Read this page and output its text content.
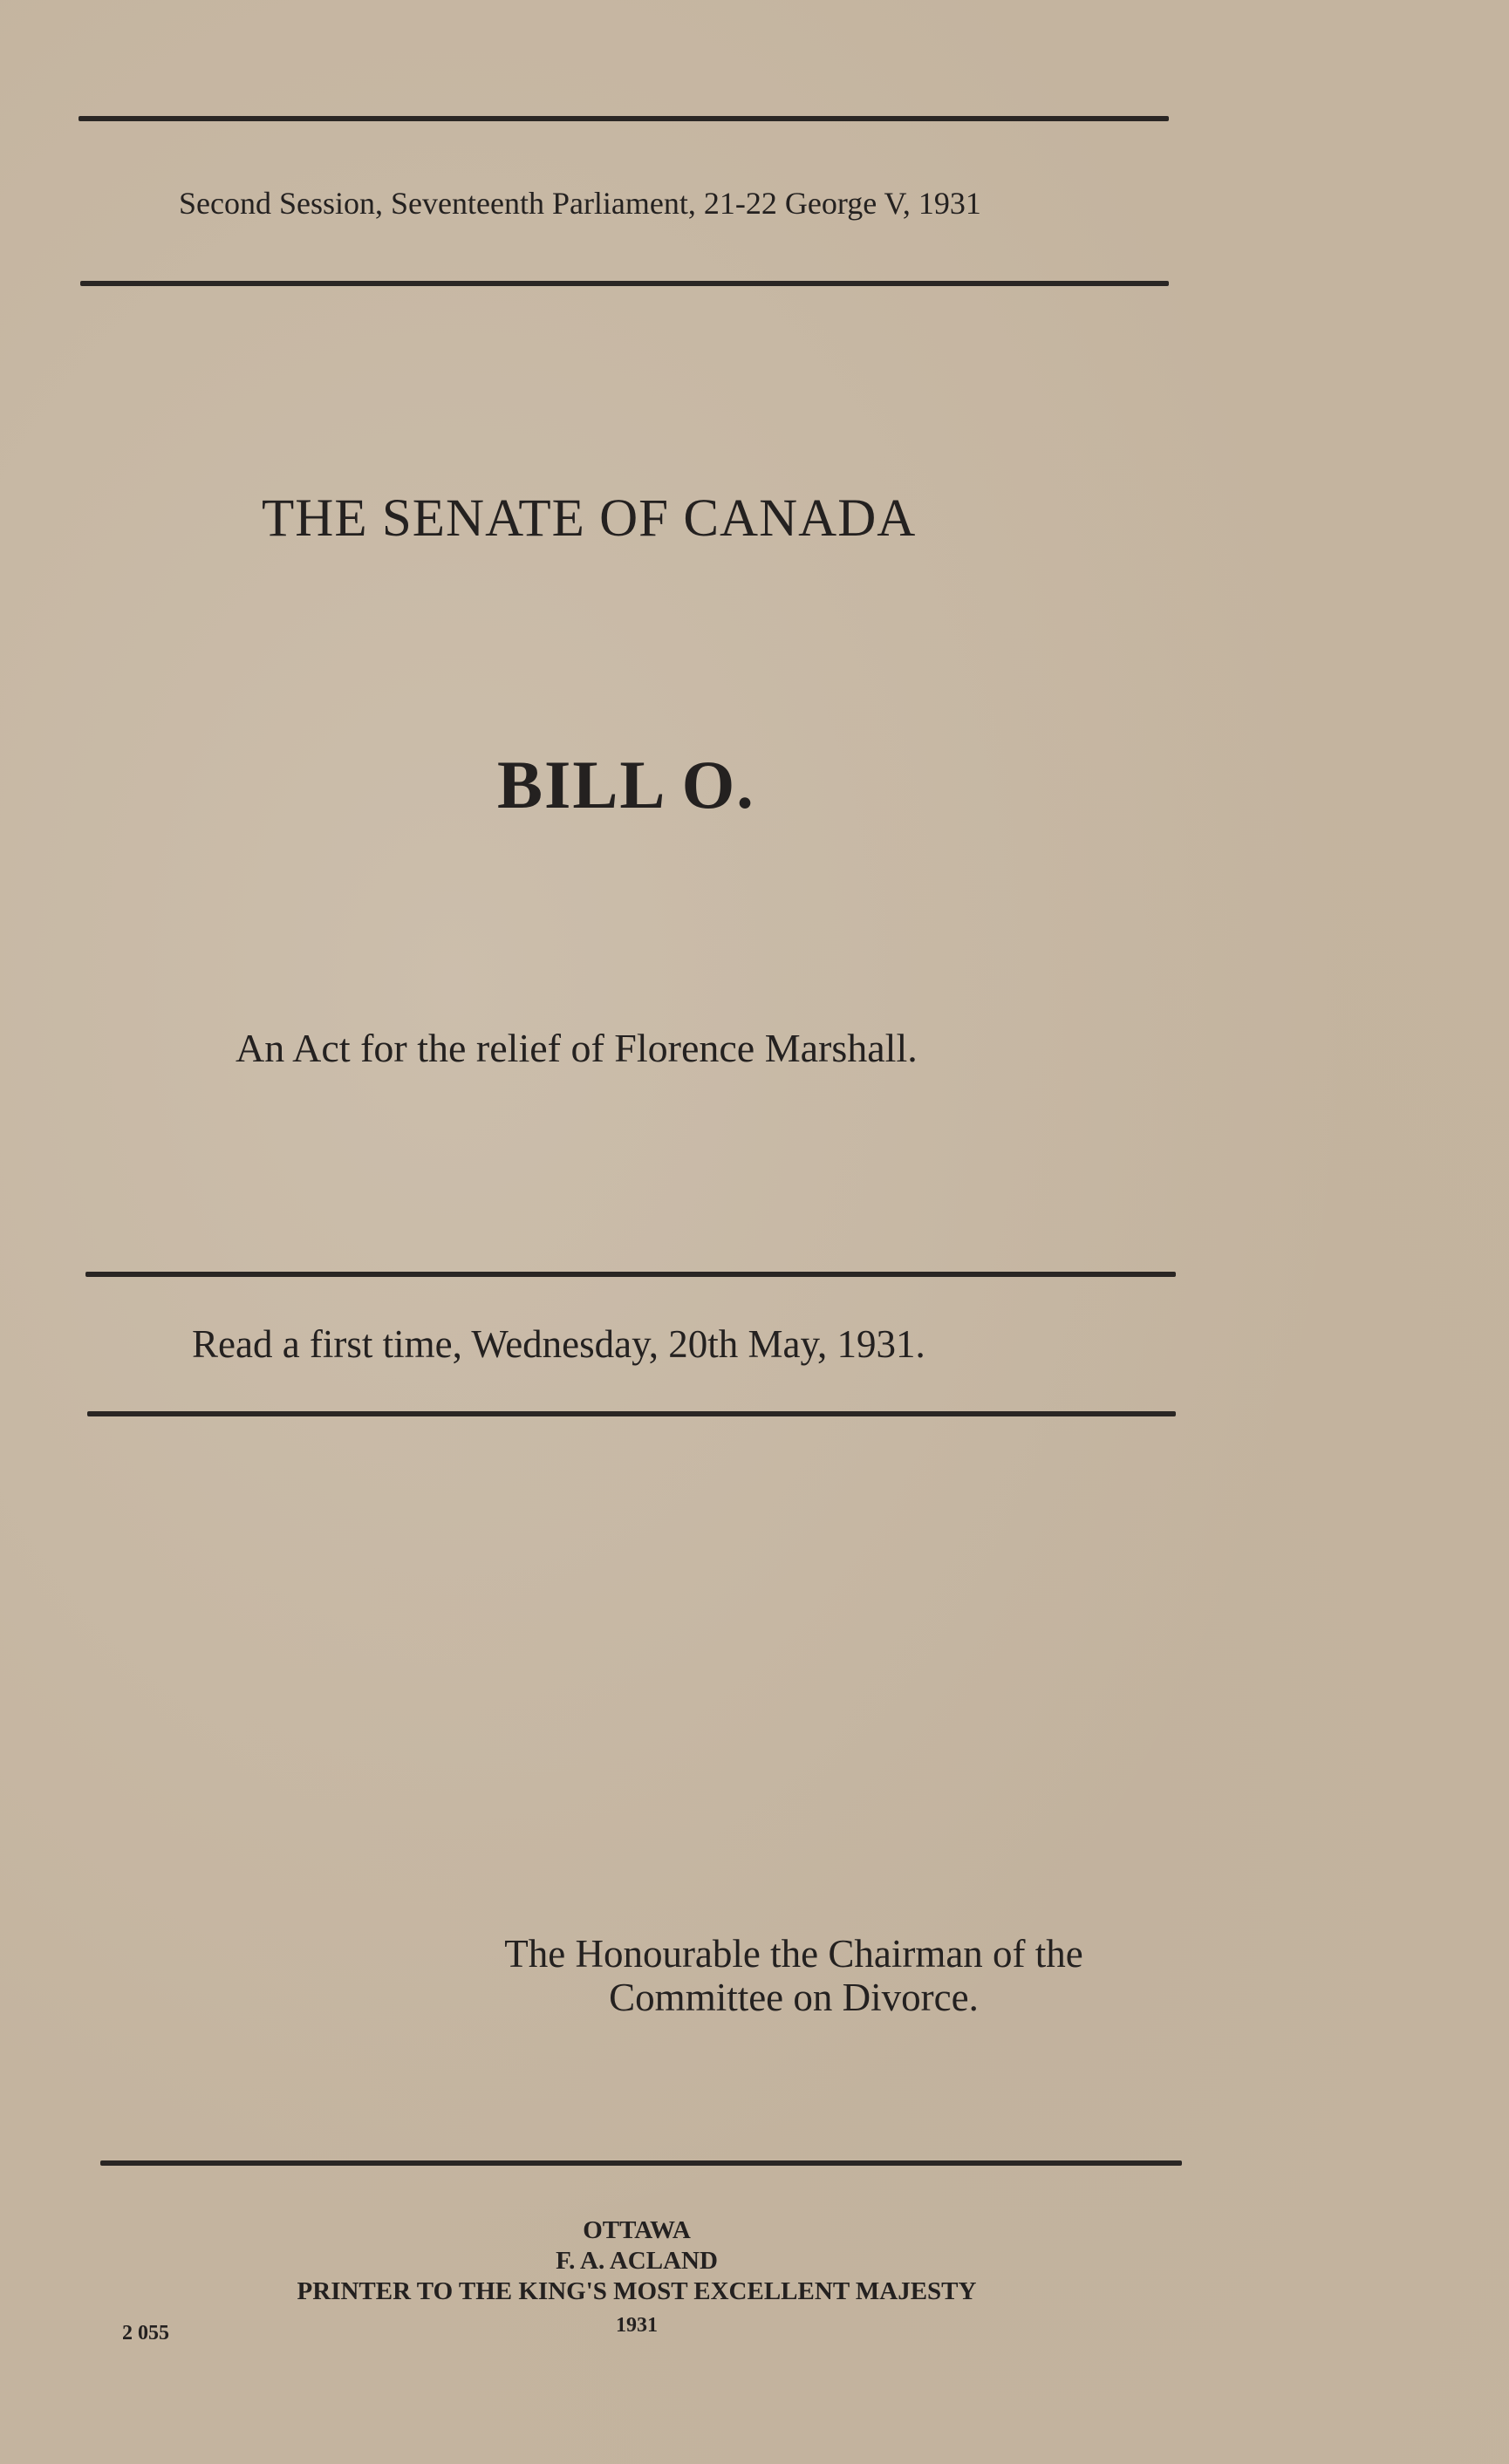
Second Session, Seventeenth Parliament, 21-22 George V, 1931
THE SENATE OF CANADA
BILL O.
An Act for the relief of Florence Marshall.
Read a first time, Wednesday, 20th May, 1931.
The Honourable the Chairman of the
Committee on Divorce.
OTTAWA
F. A. ACLAND
PRINTER TO THE KING'S MOST EXCELLENT MAJESTY
1931
2 055
